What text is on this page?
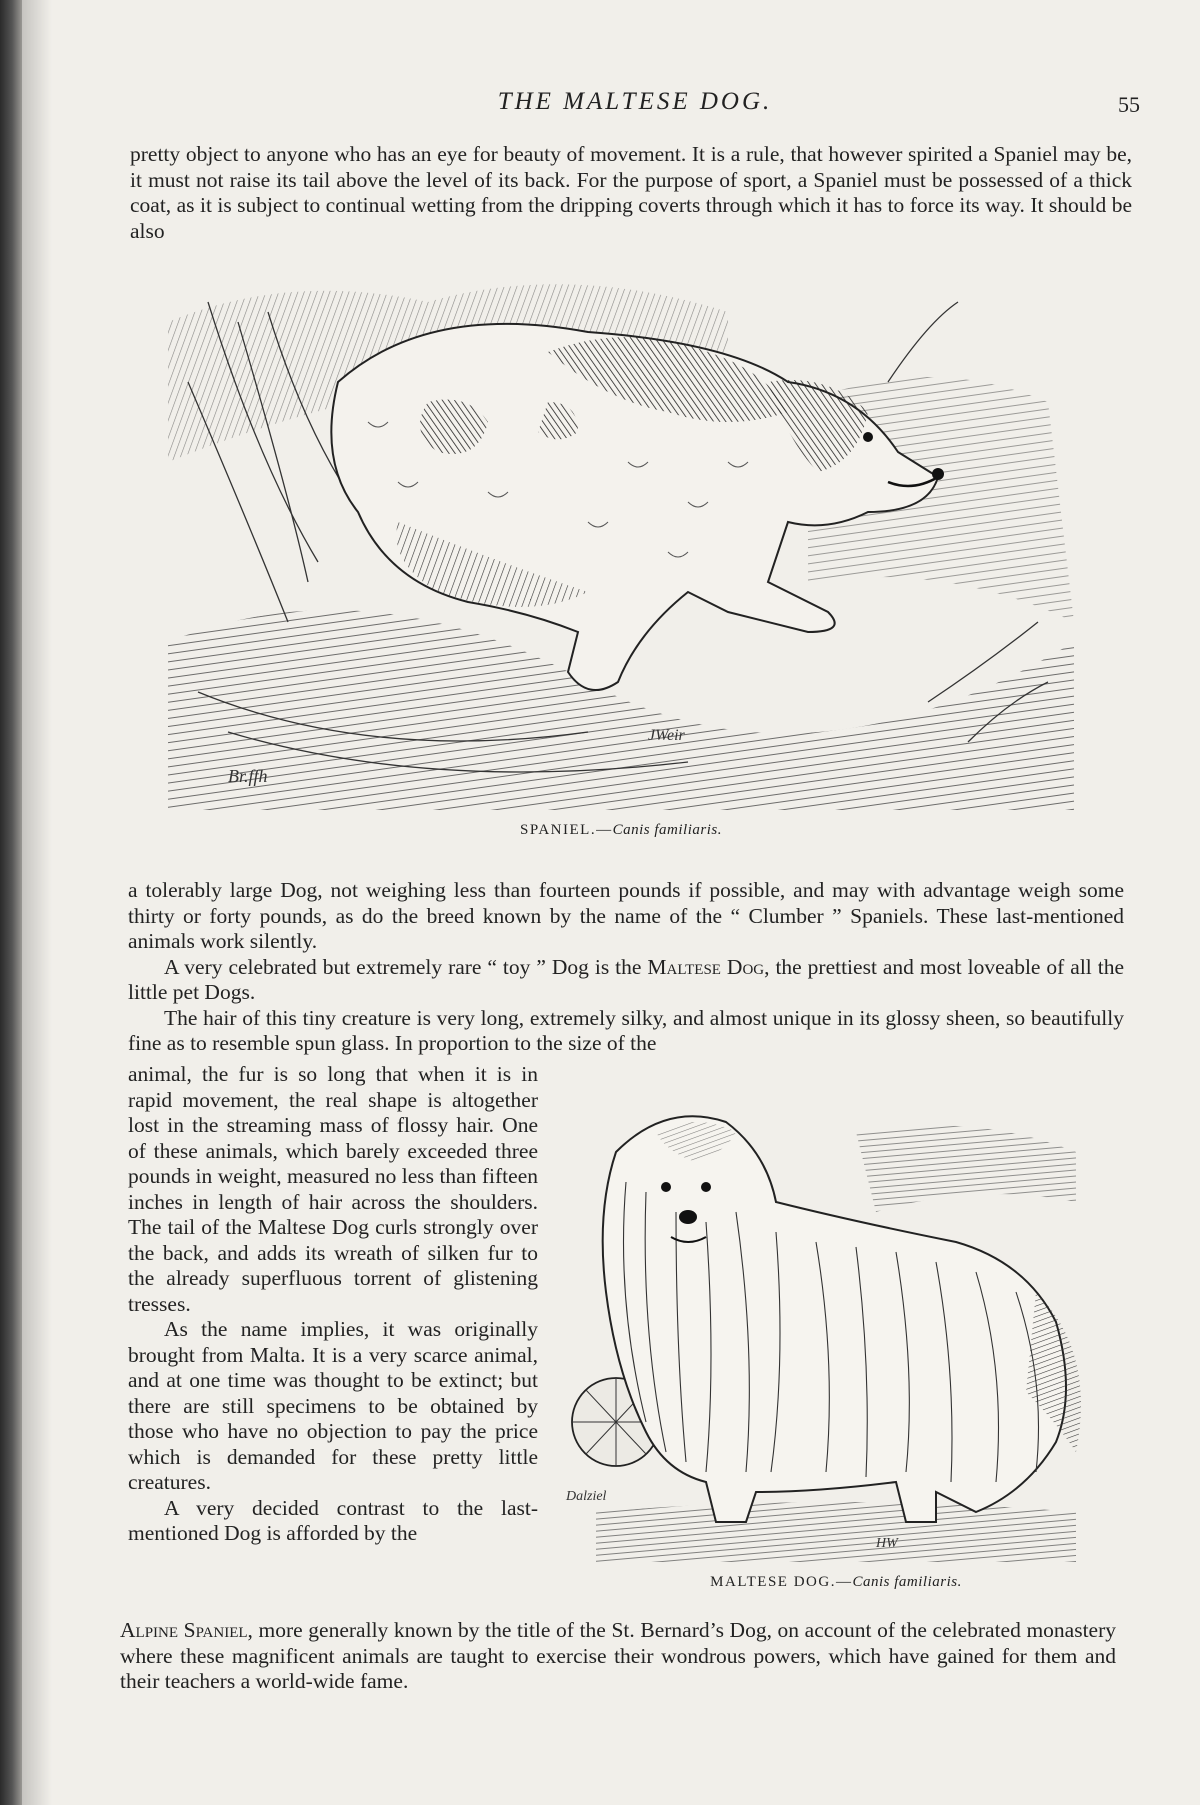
THE MALTESE DOG.	55

pretty object to anyone who has an eye for beauty of movement. It is a rule, that however spirited a Spaniel may be, it must not raise its tail above the level of its back. For the purpose of sport, a Spaniel must be possessed of a thick coat, as it is subject to continual wetting from the dripping coverts through which it has to force its way. It should be also

Br.ffh
JWeir
SPANIEL.—Canis familiaris.

a tolerably large Dog, not weighing less than fourteen pounds if possible, and may with advantage weigh some thirty or forty pounds, as do the breed known by the name of the “ Clumber ” Spaniels. These last-mentioned animals work silently.

A very celebrated but extremely rare “ toy ” Dog is the Maltese Dog, the prettiest and most loveable of all the little pet Dogs.

The hair of this tiny creature is very long, extremely silky, and almost unique in its glossy sheen, so beautifully fine as to resemble spun glass. In proportion to the size of the

animal, the fur is so long that when it is in rapid movement, the real shape is altogether lost in the streaming mass of flossy hair. One of these animals, which barely exceeded three pounds in weight, measured no less than fifteen inches in length of hair across the shoulders. The tail of the Maltese Dog curls strongly over the back, and adds its wreath of silken fur to the already superfluous torrent of glistening tresses.

As the name implies, it was originally brought from Malta. It is a very scarce animal, and at one time was thought to be extinct; but there are still specimens to be obtained by those who have no objection to pay the price which is demanded for these pretty little creatures.

A very decided contrast to the last-mentioned Dog is afforded by the

Dalziel
HW
MALTESE DOG.—Canis familiaris.

Alpine Spaniel, more generally known by the title of the St. Bernard’s Dog, on account of the celebrated monastery where these magnificent animals are taught to exercise their wondrous powers, which have gained for them and their teachers a world-wide fame.
